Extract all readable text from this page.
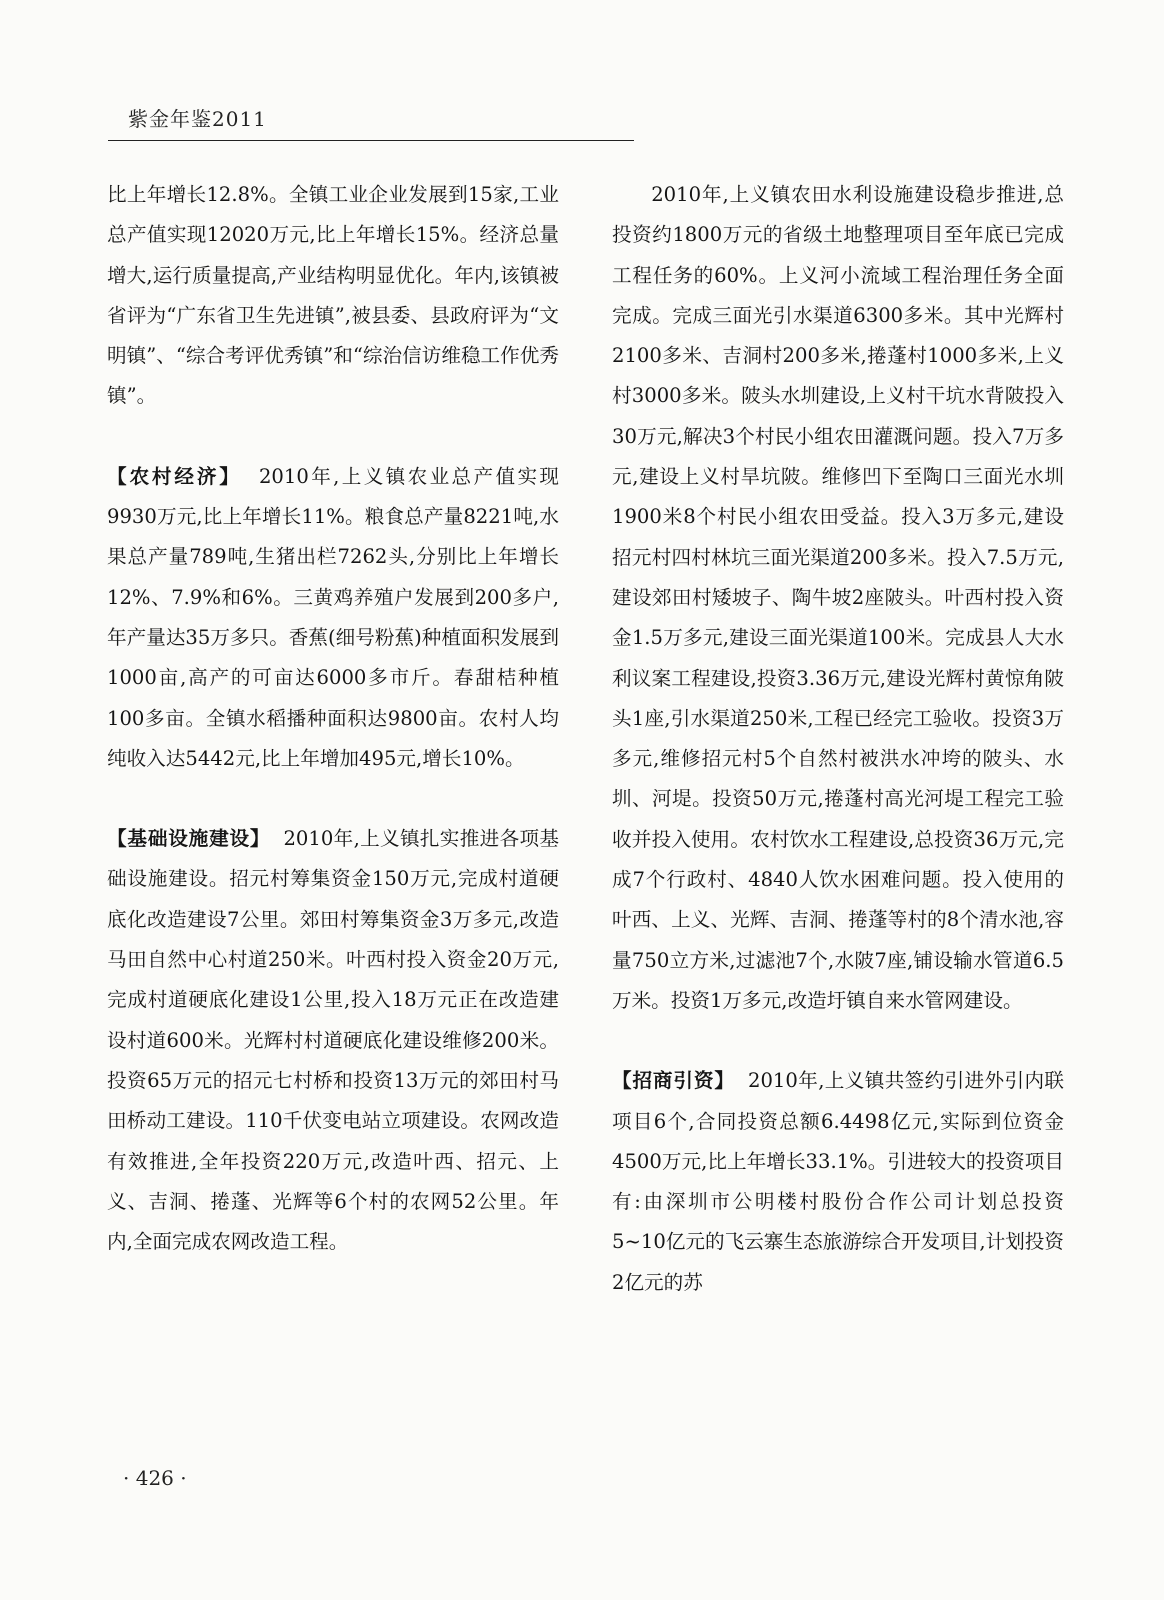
紫金年鉴2011

比上年增长12.8%。全镇工业企业发展到15家,工业总产值实现12020万元,比上年增长15%。经济总量增大,运行质量提高,产业结构明显优化。年内,该镇被省评为“广东省卫生先进镇”,被县委、县政府评为“文明镇”、“综合考评优秀镇”和“综治信访维稳工作优秀镇”。

【农村经济】 2010年,上义镇农业总产值实现9930万元,比上年增长11%。粮食总产量8221吨,水果总产量789吨,生猪出栏7262头,分别比上年增长12%、7.9%和6%。三黄鸡养殖户发展到200多户,年产量达35万多只。香蕉(细号粉蕉)种植面积发展到1000亩,高产的可亩达6000多市斤。春甜桔种植100多亩。全镇水稻播种面积达9800亩。农村人均纯收入达5442元,比上年增加495元,增长10%。

【基础设施建设】 2010年,上义镇扎实推进各项基础设施建设。招元村筹集资金150万元,完成村道硬底化改造建设7公里。郊田村筹集资金3万多元,改造马田自然中心村道250米。叶西村投入资金20万元,完成村道硬底化建设1公里,投入18万元正在改造建设村道600米。光辉村村道硬底化建设维修200米。投资65万元的招元七村桥和投资13万元的郊田村马田桥动工建设。110千伏变电站立项建设。农网改造有效推进,全年投资220万元,改造叶西、招元、上义、吉洞、捲蓬、光辉等6个村的农网52公里。年内,全面完成农网改造工程。

2010年,上义镇农田水利设施建设稳步推进,总投资约1800万元的省级土地整理项目至年底已完成工程任务的60%。上义河小流域工程治理任务全面完成。完成三面光引水渠道6300多米。其中光辉村2100多米、吉洞村200多米,捲蓬村1000多米,上义村3000多米。陂头水圳建设,上义村干坑水背陂投入30万元,解决3个村民小组农田灌溉问题。投入7万多元,建设上义村旱坑陂。维修凹下至陶口三面光水圳1900米8个村民小组农田受益。投入3万多元,建设招元村四村林坑三面光渠道200多米。投入7.5万元,建设郊田村矮坡子、陶牛坡2座陂头。叶西村投入资金1.5万多元,建设三面光渠道100米。完成县人大水利议案工程建设,投资3.36万元,建设光辉村黄惊角陂头1座,引水渠道250米,工程已经完工验收。投资3万多元,维修招元村5个自然村被洪水冲垮的陂头、水圳、河堤。投资50万元,捲蓬村高光河堤工程完工验收并投入使用。农村饮水工程建设,总投资36万元,完成7个行政村、4840人饮水困难问题。投入使用的叶西、上义、光辉、吉洞、捲蓬等村的8个清水池,容量750立方米,过滤池7个,水陂7座,铺设输水管道6.5万米。投资1万多元,改造圩镇自来水管网建设。

【招商引资】 2010年,上义镇共签约引进外引内联项目6个,合同投资总额6.4498亿元,实际到位资金4500万元,比上年增长33.1%。引进较大的投资项目有:由深圳市公明楼村股份合作公司计划总投资5~10亿元的飞云寨生态旅游综合开发项目,计划投资2亿元的苏

· 426 ·
